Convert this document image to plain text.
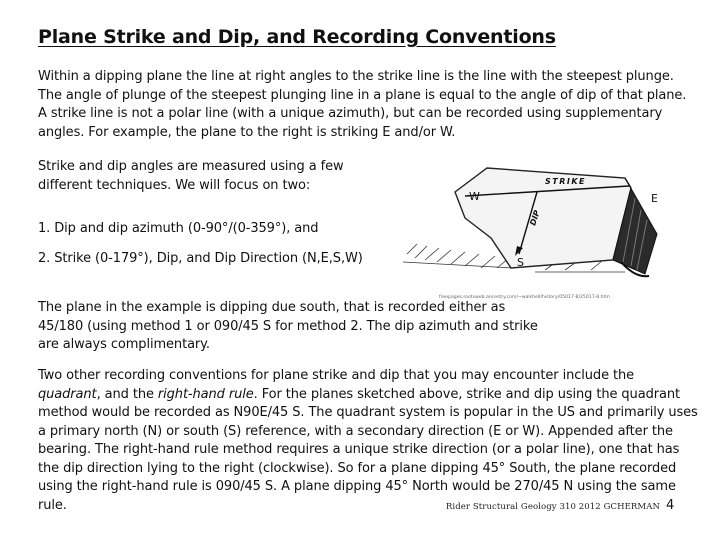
Plane Strike and Dip, and Recording Conventions
Within a dipping plane the line at right angles to the strike line is the line with the steepest plunge. The angle of plunge of the steepest plunging line in a plane is equal to the angle of dip of that plane. A strike line is not a polar line (with a unique azimuth), but can be recorded using supplementary angles. For example, the plane to the right is striking E and/or W.
Strike and dip angles are measured using a few different techniques. We will focus on two:
1. Dip and dip azimuth (0-90°/(0-359°), and
2. Strike (0-179°), Dip, and Dip Direction (N,E,S,W)
STRIKE
DIP
W	E
S
freepages.rootsweb.ancestry.com/~walshell/history/05017-8/25017-8.htm
The plane in the example is dipping due south, that is recorded either as 45/180 (using method 1 or 090/45 S for method 2. The dip azimuth and strike are always complimentary.
Two other recording conventions for plane strike and dip that you may encounter include the quadrant, and the right-hand rule. For the planes sketched above, strike and dip using the quadrant method would be recorded as N90E/45 S. The quadrant system is popular in the US and primarily uses a primary north (N) or south (S) reference, with a secondary direction (E or W). Appended after the bearing. The right-hand rule method requires a unique strike direction (or a polar line), one that has the dip direction lying to the right (clockwise). So for a plane dipping 45° South, the plane recorded using the right-hand rule is 090/45 S. A plane dipping 45° North would be 270/45 N using the same rule.	Rider Structural Geology 310 2012 GCHERMAN 4
